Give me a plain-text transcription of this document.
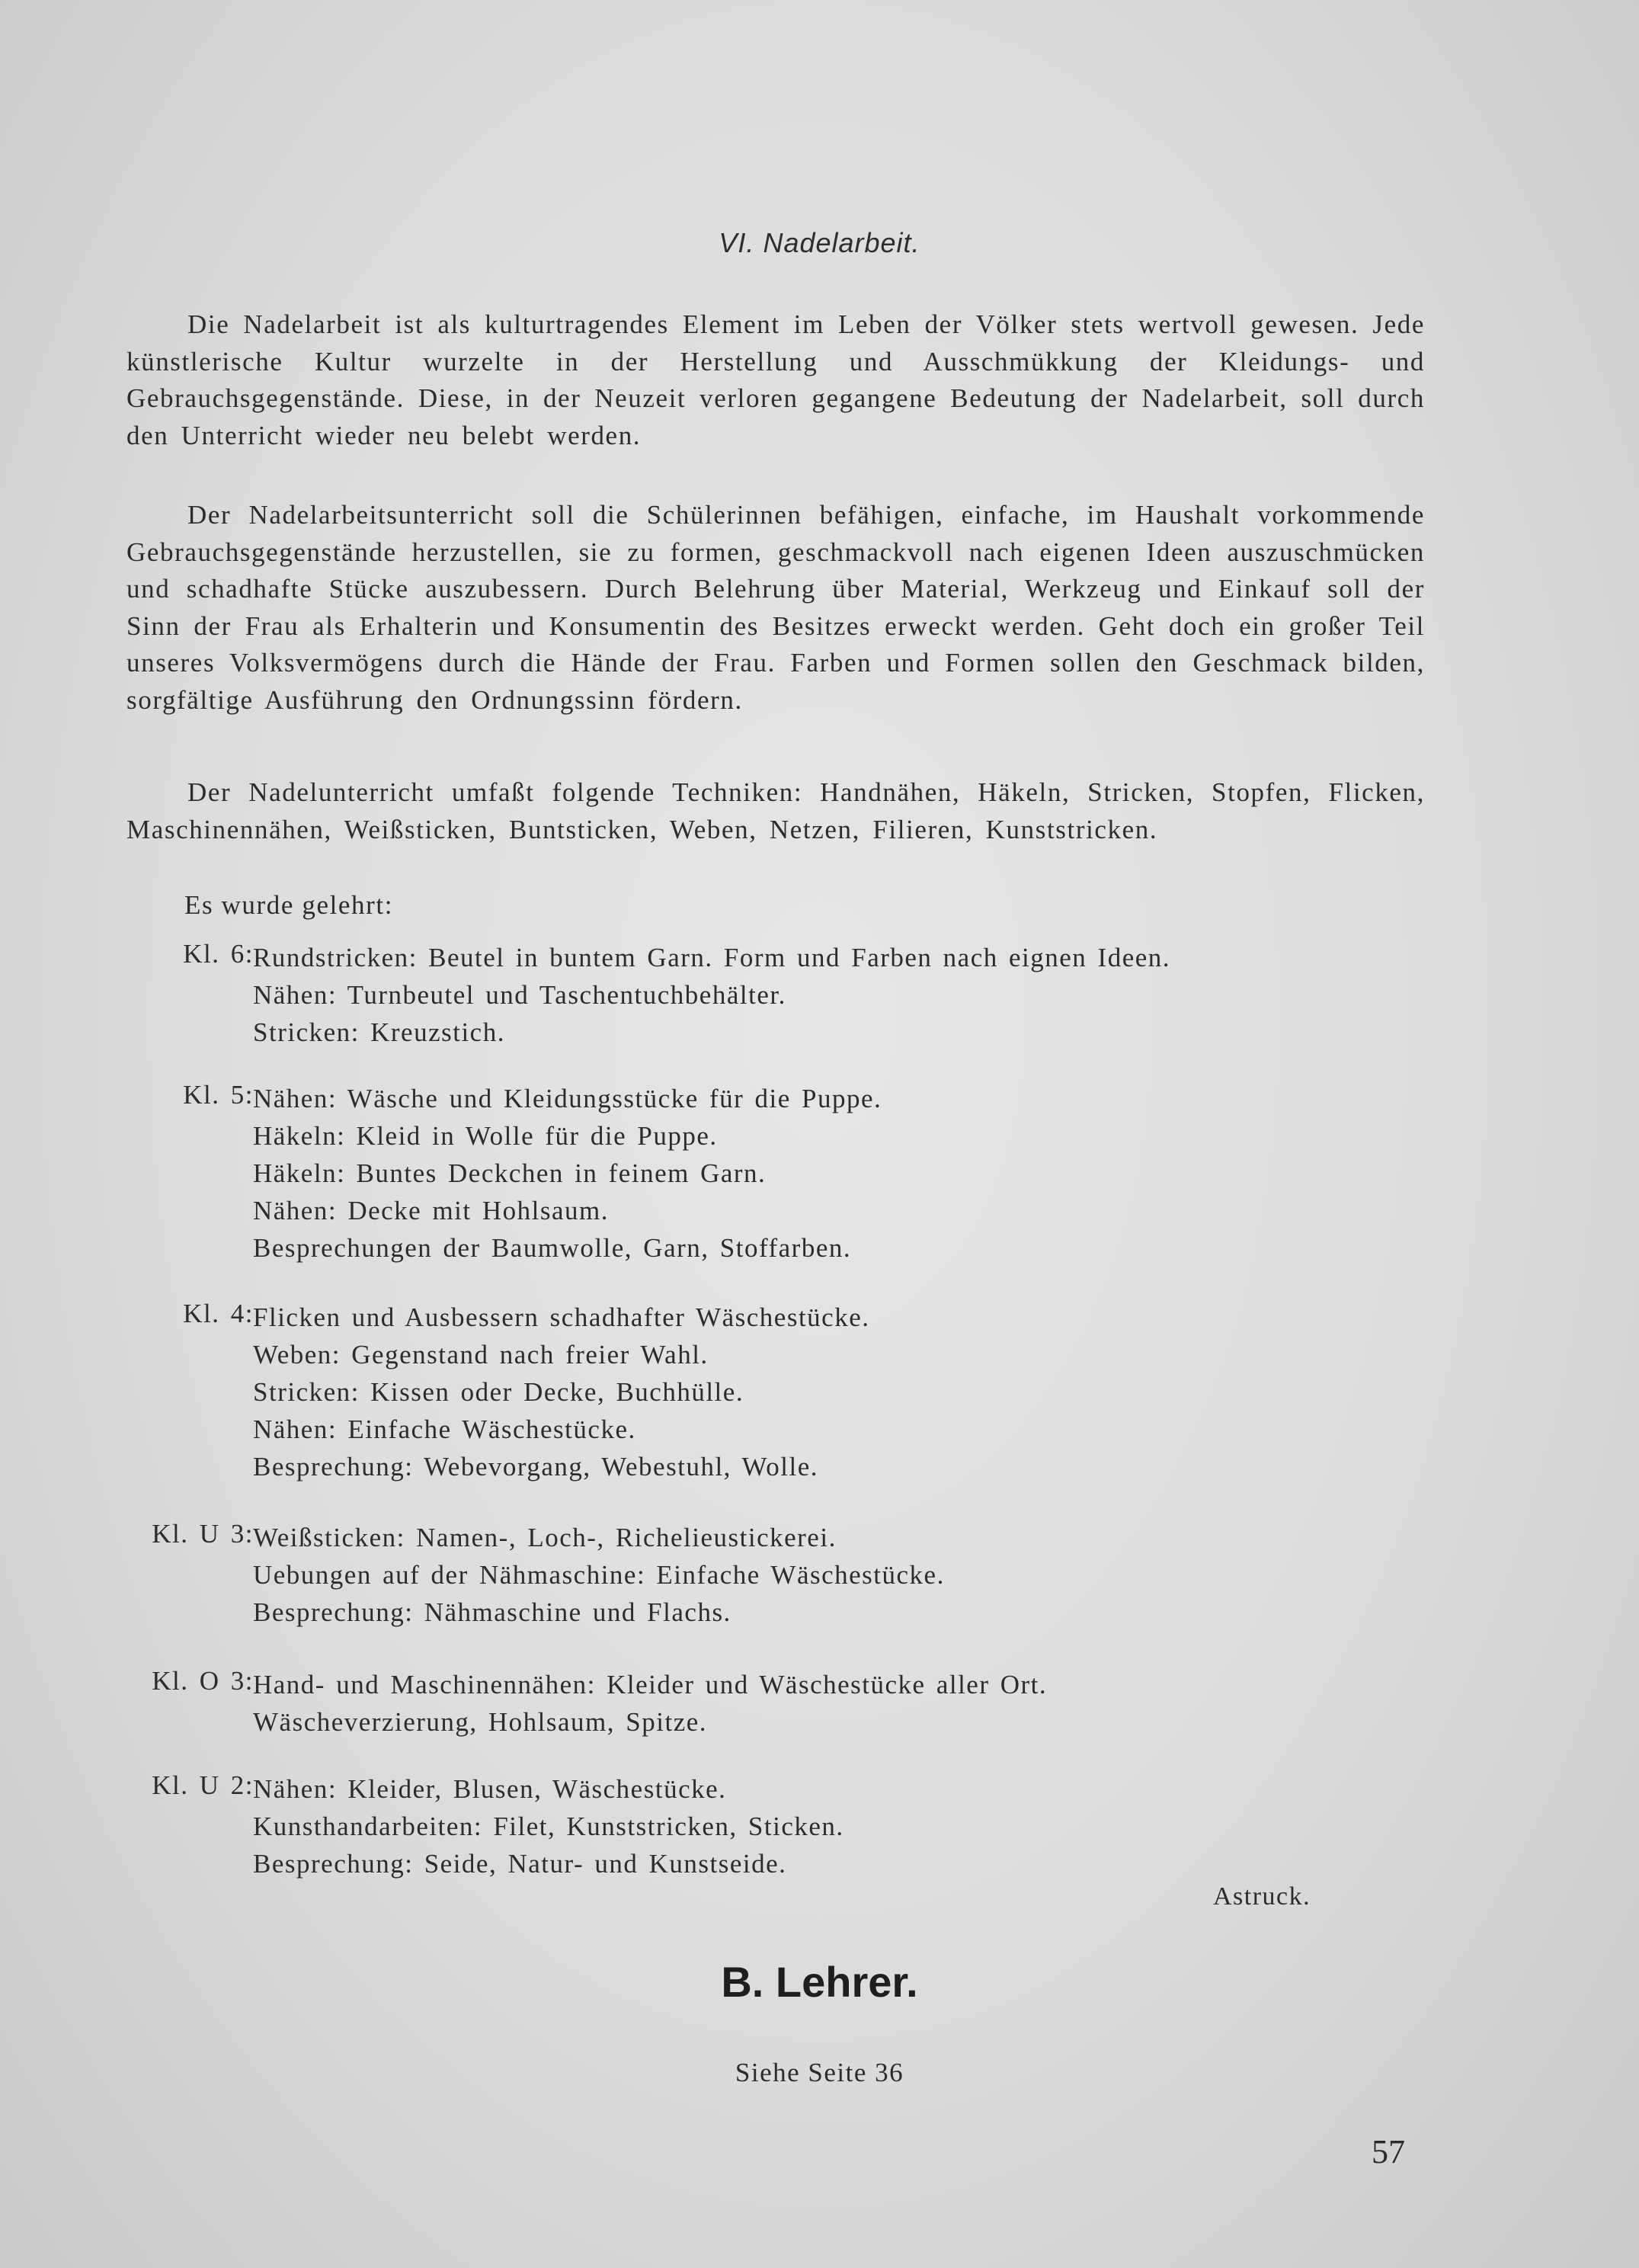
VI. Nadelarbeit.

Die Nadelarbeit ist als kulturtragendes Element im Leben der Völker stets wertvoll gewesen. Jede künstlerische Kultur wurzelte in der Herstellung und Ausschmükkung der Kleidungs- und Gebrauchsgegenstände. Diese, in der Neuzeit verloren gegangene Bedeutung der Nadelarbeit, soll durch den Unterricht wieder neu belebt werden.

Der Nadelarbeitsunterricht soll die Schülerinnen befähigen, einfache, im Haushalt vorkommende Gebrauchsgegenstände herzustellen, sie zu formen, geschmackvoll nach eigenen Ideen auszuschmücken und schadhafte Stücke auszubessern. Durch Belehrung über Material, Werkzeug und Einkauf soll der Sinn der Frau als Erhalterin und Konsumentin des Besitzes erweckt werden. Geht doch ein großer Teil unseres Volksvermögens durch die Hände der Frau. Farben und Formen sollen den Geschmack bilden, sorgfältige Ausführung den Ordnungssinn fördern.

Der Nadelunterricht umfaßt folgende Techniken: Handnähen, Häkeln, Stricken, Stopfen, Flicken, Maschinennähen, Weißsticken, Buntsticken, Weben, Netzen, Filieren, Kunststricken.

Es wurde gelehrt:
Kl. 6: Rundstricken: Beutel in buntem Garn. Form und Farben nach eignen Ideen.
Nähen: Turnbeutel und Taschentuchbehälter.
Stricken: Kreuzstich.
Kl. 5: Nähen: Wäsche und Kleidungsstücke für die Puppe.
Häkeln: Kleid in Wolle für die Puppe.
Häkeln: Buntes Deckchen in feinem Garn.
Nähen: Decke mit Hohlsaum.
Besprechungen der Baumwolle, Garn, Stoffarben.
Kl. 4: Flicken und Ausbessern schadhafter Wäschestücke.
Weben: Gegenstand nach freier Wahl.
Stricken: Kissen oder Decke, Buchhülle.
Nähen: Einfache Wäschestücke.
Besprechung: Webevorgang, Webestuhl, Wolle.
Kl. U 3: Weißsticken: Namen-, Loch-, Richelieustickerei.
Uebungen auf der Nähmaschine: Einfache Wäschestücke.
Besprechung: Nähmaschine und Flachs.
Kl. O 3: Hand- und Maschinennähen: Kleider und Wäschestücke aller Ort.
Wäscheverzierung, Hohlsaum, Spitze.
Kl. U 2: Nähen: Kleider, Blusen, Wäschestücke.
Kunsthandarbeiten: Filet, Kunststricken, Sticken.
Besprechung: Seide, Natur- und Kunstseide.
Astruck.
B. Lehrer.
Siehe Seite 36
57
